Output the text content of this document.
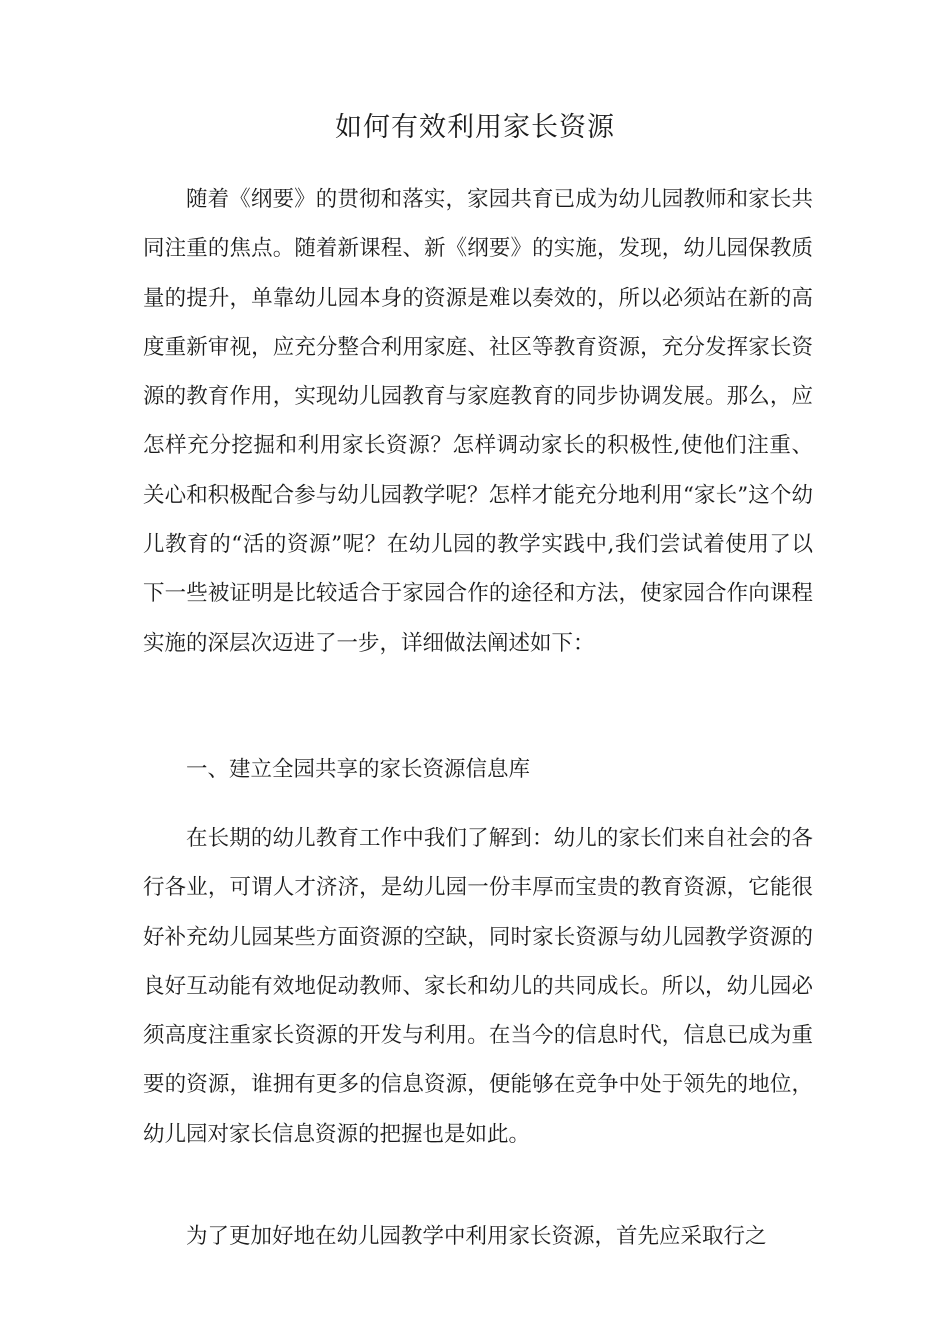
如何有效利用家长资源
随着《纲要》的贯彻和落实，家园共育已成为幼儿园教师和家长共同注重的焦点。随着新课程、新《纲要》的实施，发现，幼儿园保教质量的提升，单靠幼儿园本身的资源是难以奏效的，所以必须站在新的高度重新审视，应充分整合利用家庭、社区等教育资源，充分发挥家长资源的教育作用，实现幼儿园教育与家庭教育的同步协调发展。那么，应怎样充分挖掘和利用家长资源？怎样调动家长的积极性,使他们注重、关心和积极配合参与幼儿园教学呢？怎样才能充分地利用“家长”这个幼儿教育的“活的资源”呢？在幼儿园的教学实践中,我们尝试着使用了以下一些被证明是比较适合于家园合作的途径和方法，使家园合作向课程实施的深层次迈进了一步，详细做法阐述如下：
一、建立全园共享的家长资源信息库
在长期的幼儿教育工作中我们了解到：幼儿的家长们来自社会的各行各业，可谓人才济济，是幼儿园一份丰厚而宝贵的教育资源，它能很好补充幼儿园某些方面资源的空缺，同时家长资源与幼儿园教学资源的良好互动能有效地促动教师、家长和幼儿的共同成长。所以，幼儿园必须高度注重家长资源的开发与利用。在当今的信息时代，信息已成为重要的资源，谁拥有更多的信息资源，便能够在竞争中处于领先的地位，幼儿园对家长信息资源的把握也是如此。
为了更加好地在幼儿园教学中利用家长资源，首先应采取行之
